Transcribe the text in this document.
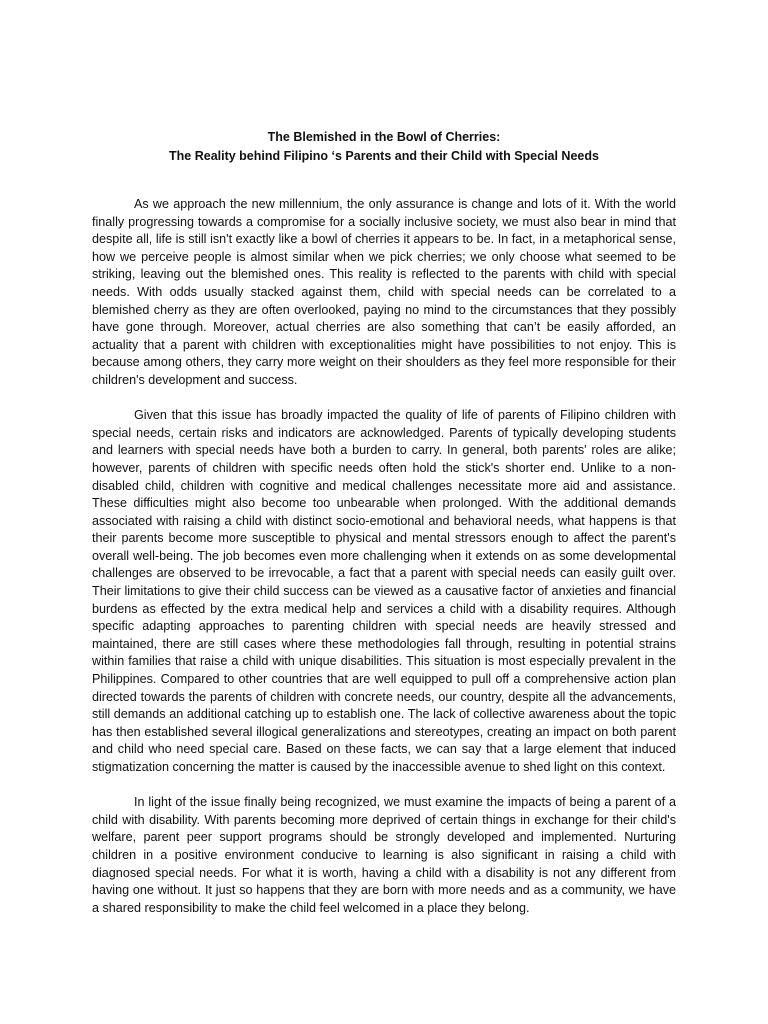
The Blemished in the Bowl of Cherries:
The Reality behind Filipino ‘s Parents and their Child with Special Needs

As we approach the new millennium, the only assurance is change and lots of it. With the world finally progressing towards a compromise for a socially inclusive society, we must also bear in mind that despite all, life is still isn't exactly like a bowl of cherries it appears to be. In fact, in a metaphorical sense, how we perceive people is almost similar when we pick cherries; we only choose what seemed to be striking, leaving out the blemished ones. This reality is reflected to the parents with child with special needs. With odds usually stacked against them, child with special needs can be correlated to a blemished cherry as they are often overlooked, paying no mind to the circumstances that they possibly have gone through. Moreover, actual cherries are also something that can’t be easily afforded, an actuality that a parent with children with exceptionalities might have possibilities to not enjoy. This is because among others, they carry more weight on their shoulders as they feel more responsible for their children's development and success.

Given that this issue has broadly impacted the quality of life of parents of Filipino children with special needs, certain risks and indicators are acknowledged. Parents of typically developing students and learners with special needs have both a burden to carry. In general, both parents' roles are alike; however, parents of children with specific needs often hold the stick's shorter end. Unlike to a non-disabled child, children with cognitive and medical challenges necessitate more aid and assistance. These difficulties might also become too unbearable when prolonged. With the additional demands associated with raising a child with distinct socio-emotional and behavioral needs, what happens is that their parents become more susceptible to physical and mental stressors enough to affect the parent's overall well-being. The job becomes even more challenging when it extends on as some developmental challenges are observed to be irrevocable, a fact that a parent with special needs can easily guilt over. Their limitations to give their child success can be viewed as a causative factor of anxieties and financial burdens as effected by the extra medical help and services a child with a disability requires. Although specific adapting approaches to parenting children with special needs are heavily stressed and maintained, there are still cases where these methodologies fall through, resulting in potential strains within families that raise a child with unique disabilities. This situation is most especially prevalent in the Philippines. Compared to other countries that are well equipped to pull off a comprehensive action plan directed towards the parents of children with concrete needs, our country, despite all the advancements, still demands an additional catching up to establish one. The lack of collective awareness about the topic has then established several illogical generalizations and stereotypes, creating an impact on both parent and child who need special care. Based on these facts, we can say that a large element that induced stigmatization concerning the matter is caused by the inaccessible avenue to shed light on this context.

In light of the issue finally being recognized, we must examine the impacts of being a parent of a child with disability. With parents becoming more deprived of certain things in exchange for their child's welfare, parent peer support programs should be strongly developed and implemented. Nurturing children in a positive environment conducive to learning is also significant in raising a child with diagnosed special needs. For what it is worth, having a child with a disability is not any different from having one without. It just so happens that they are born with more needs and as a community, we have a shared responsibility to make the child feel welcomed in a place they belong.
